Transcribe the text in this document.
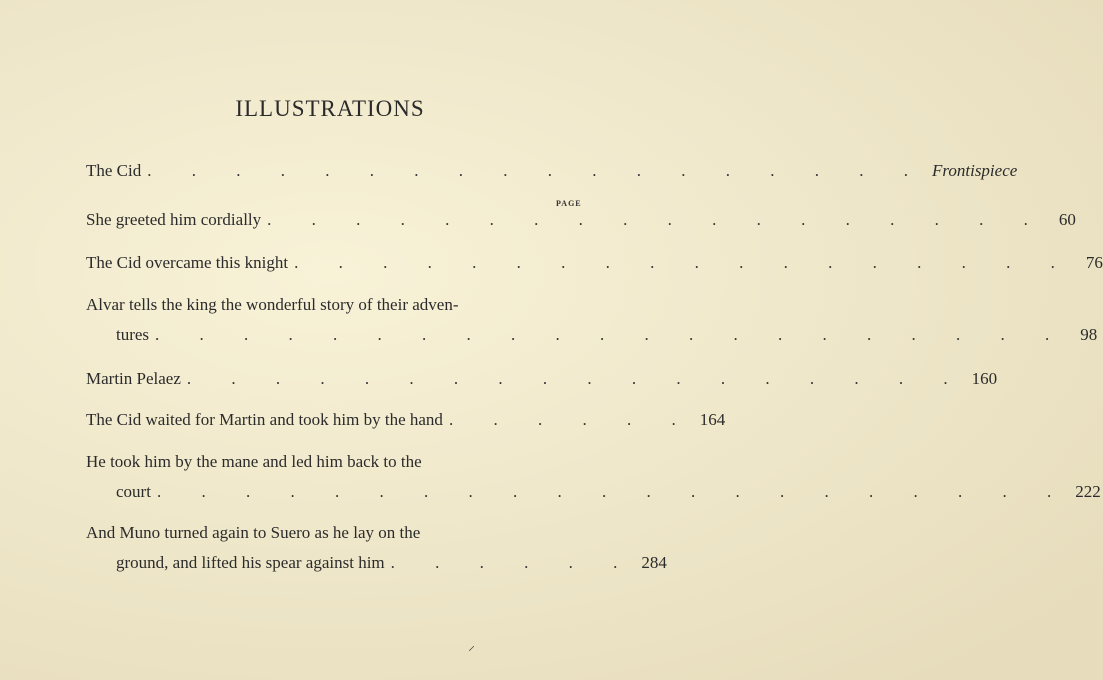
ILLUSTRATIONS
PAGE
The Cid . . . . . . . . . . . . . . . . . . Frontispiece
She greeted him cordially . . . . . . . . . . . . . . . . . . 60
The Cid overcame this knight . . . . . . . . . . . . . . . . . . 76
Alvar tells the king the wonderful story of their adven-
tures . . . . . . . . . . . . . . . . . . . . . 98
Martin Pelaez . . . . . . . . . . . . . . . . . . 160
The Cid waited for Martin and took him by the hand . . . . . . 164
He took him by the mane and led him back to the
court . . . . . . . . . . . . . . . . . . . . . 222
And Muno turned again to Suero as he lay on the
ground, and lifted his spear against him . . . . . . 284
⸝
